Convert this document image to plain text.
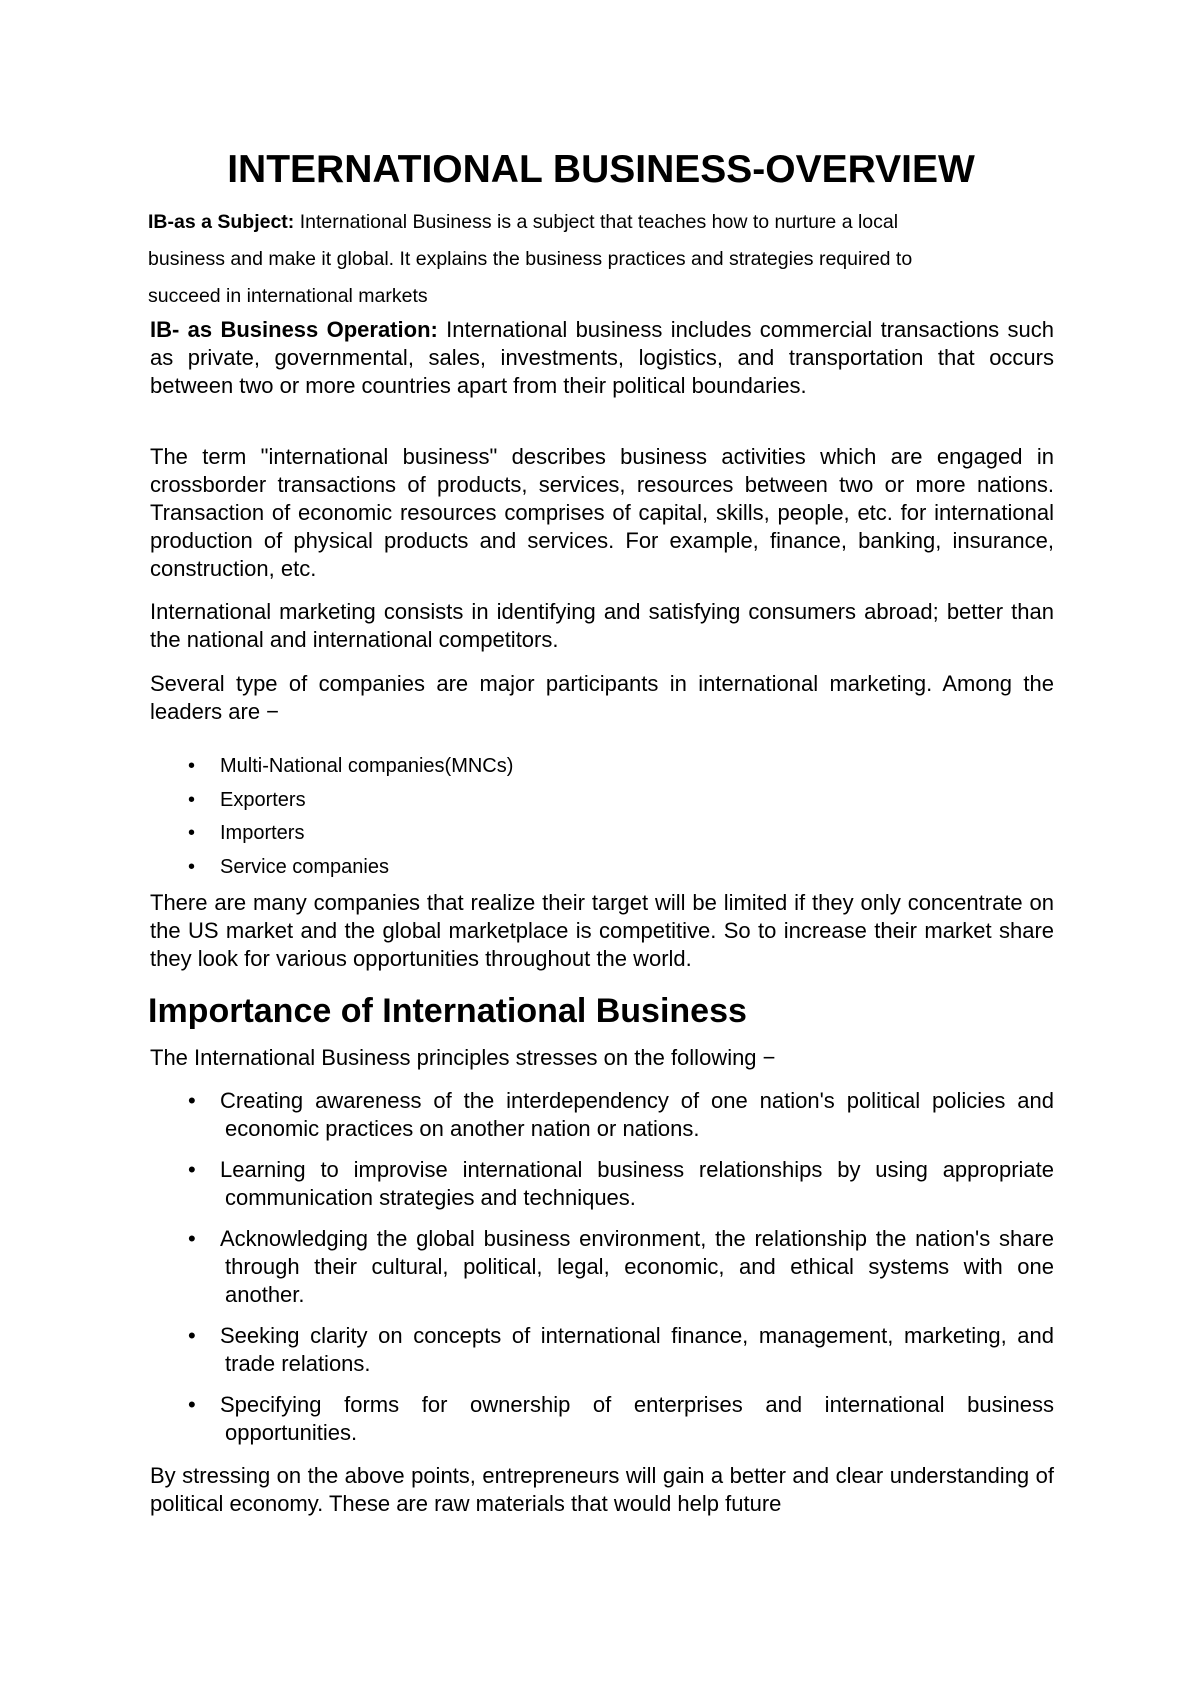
INTERNATIONAL BUSINESS-OVERVIEW
IB-as a Subject: International Business is a subject that teaches how to nurture a local
business and make it global. It explains the business practices and strategies required to
succeed in international markets

IB- as Business Operation: International business includes commercial transactions such as private, governmental, sales, investments, logistics, and transportation that occurs between two or more countries apart from their political boundaries.

The term "international business" describes business activities which are engaged in crossborder transactions of products, services, resources between two or more nations. Transaction of economic resources comprises of capital, skills, people, etc. for international production of physical products and services. For example, finance, banking, insurance, construction, etc.

International marketing consists in identifying and satisfying consumers abroad; better than the national and international competitors.

Several type of companies are major participants in international marketing. Among the leaders are −

• Multi-National companies(MNCs)
• Exporters
• Importers
• Service companies

There are many companies that realize their target will be limited if they only concentrate on the US market and the global marketplace is competitive. So to increase their market share they look for various opportunities throughout the world.

Importance of International Business

The International Business principles stresses on the following −

• Creating awareness of the interdependency of one nation's political policies and economic practices on another nation or nations.
• Learning to improvise international business relationships by using appropriate communication strategies and techniques.
• Acknowledging the global business environment, the relationship the nation's share through their cultural, political, legal, economic, and ethical systems with one another.
• Seeking clarity on concepts of international finance, management, marketing, and trade relations.
• Specifying forms for ownership of enterprises and international business opportunities.

By stressing on the above points, entrepreneurs will gain a better and clear understanding of political economy. These are raw materials that would help future
